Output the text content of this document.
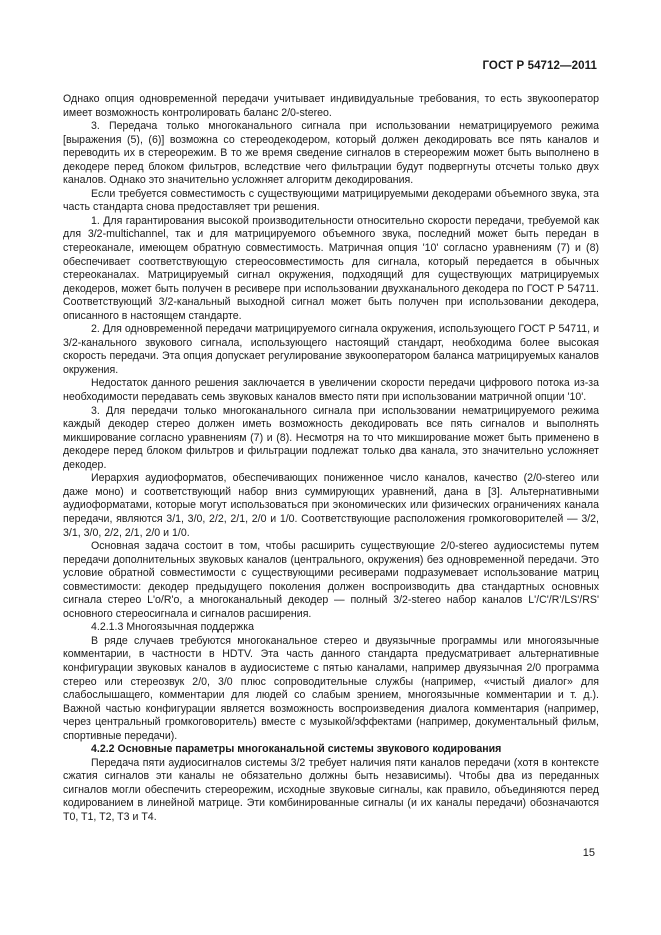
ГОСТ Р 54712—2011

Однако опция одновременной передачи учитывает индивидуальные требования, то есть звукооператор имеет возможность контролировать баланс 2/0-stereo.

3. Передача только многоканального сигнала при использовании нематрицируемого режима [выражения (5), (6)] возможна со стереодекодером, который должен декодировать все пять каналов и переводить их в стереорежим. В то же время сведение сигналов в стереорежим может быть выполнено в декодере перед блоком фильтров, вследствие чего фильтрации будут подвергнуты отсчеты только двух каналов. Однако это значительно усложняет алгоритм декодирования.

Если требуется совместимость с существующими матрицируемыми декодерами объемного звука, эта часть стандарта снова предоставляет три решения.

1. Для гарантирования высокой производительности относительно скорости передачи, требуемой как для 3/2-multichannel, так и для матрицируемого объемного звука, последний может быть передан в стереоканале, имеющем обратную совместимость. Матричная опция '10' согласно уравнениям (7) и (8) обеспечивает соответствующую стереосовместимость для сигнала, который передается в обычных стереоканалах. Матрицируемый сигнал окружения, подходящий для существующих матрицируемых декодеров, может быть получен в ресивере при использовании двухканального декодера по ГОСТ Р 54711. Соответствующий 3/2-канальный выходной сигнал может быть получен при использовании декодера, описанного в настоящем стандарте.

2. Для одновременной передачи матрицируемого сигнала окружения, использующего ГОСТ Р 54711, и 3/2-канального звукового сигнала, использующего настоящий стандарт, необходима более высокая скорость передачи. Эта опция допускает регулирование звукооператором баланса матрицируемых каналов окружения.

Недостаток данного решения заключается в увеличении скорости передачи цифрового потока из-за необходимости передавать семь звуковых каналов вместо пяти при использовании матричной опции '10'.

3. Для передачи только многоканального сигнала при использовании нематрицируемого режима каждый декодер стерео должен иметь возможность декодировать все пять сигналов и выполнять микширование согласно уравнениям (7) и (8). Несмотря на то что микширование может быть применено в декодере перед блоком фильтров и фильтрации подлежат только два канала, это значительно усложняет декодер.

Иерархия аудиоформатов, обеспечивающих пониженное число каналов, качество (2/0-stereo или даже моно) и соответствующий набор вниз суммирующих уравнений, дана в [3]. Альтернативными аудиоформатами, которые могут использоваться при экономических или физических ограничениях канала передачи, являются 3/1, 3/0, 2/2, 2/1, 2/0 и 1/0. Соответствующие расположения громкоговорителей — 3/2, 3/1, 3/0, 2/2, 2/1, 2/0 и 1/0.

Основная задача состоит в том, чтобы расширить существующие 2/0-stereo аудиосистемы путем передачи дополнительных звуковых каналов (центрального, окружения) без одновременной передачи. Это условие обратной совместимости с существующими ресиверами подразумевает использование матриц совместимости: декодер предыдущего поколения должен воспроизводить два стандартных основных сигнала стерео L'o/R'o, а многоканальный декодер — полный 3/2-stereo набор каналов L'/C'/R'/LS'/RS' основного стереосигнала и сигналов расширения.

4.2.1.3 Многоязычная поддержка

В ряде случаев требуются многоканальное стерео и двуязычные программы или многоязычные комментарии, в частности в HDTV. Эта часть данного стандарта предусматривает альтернативные конфигурации звуковых каналов в аудиосистеме с пятью каналами, например двуязычная 2/0 программа стерео или стереозвук 2/0, 3/0 плюс сопроводительные службы (например, «чистый диалог» для слабослышащего, комментарии для людей со слабым зрением, многоязычные комментарии и т. д.). Важной частью конфигурации является возможность воспроизведения диалога комментария (например, через центральный громкоговоритель) вместе с музыкой/эффектами (например, документальный фильм, спортивные передачи).

4.2.2 Основные параметры многоканальной системы звукового кодирования

Передача пяти аудиосигналов системы 3/2 требует наличия пяти каналов передачи (хотя в контексте сжатия сигналов эти каналы не обязательно должны быть независимы). Чтобы два из переданных сигналов могли обеспечить стереорежим, исходные звуковые сигналы, как правило, объединяются перед кодированием в линейной матрице. Эти комбинированные сигналы (и их каналы передачи) обозначаются T0, T1, T2, T3 и T4.

15
